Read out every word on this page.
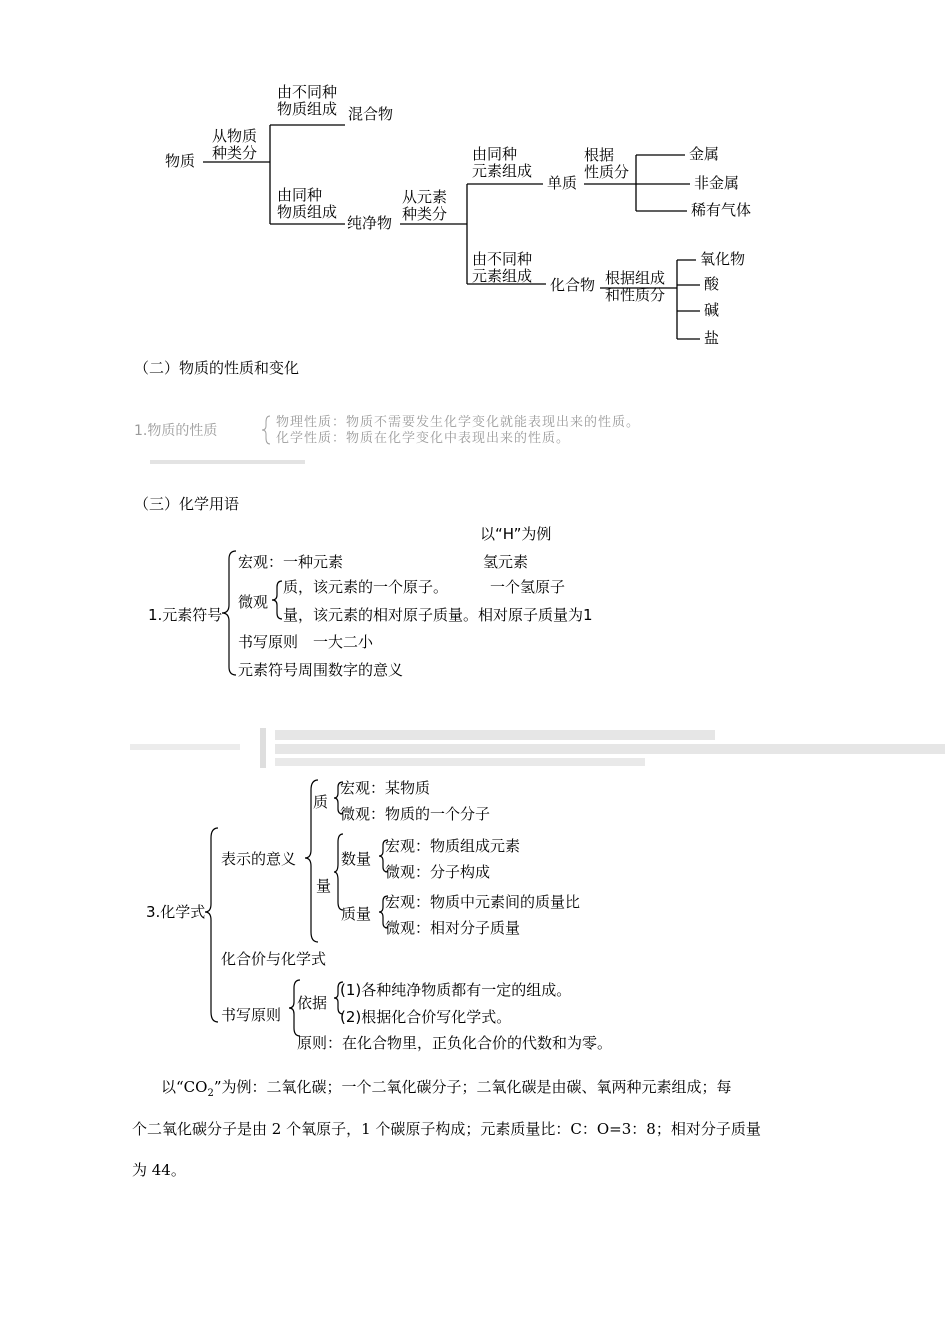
物质
从物质
种类分
由不同种
物质组成 混合物
由同种
物质组成
纯净物
从元素
种类分
由同种
元素组成
单质
根据
性质分
金属
非金属
稀有气体
由不同种
元素组成 化合物 根据组成
和性质分
氧化物
酸
碱
盐
（二）物质的性质和变化
1.物质的性质
物理性质：物质不需要发生化学变化就能表现出来的性质。
化学性质：物质在化学变化中表现出来的性质。
（三）化学用语
以“H”为例
1.元素符号
宏观：一种元素	氢元素
微观
质，该元素的一个原子。	一个氢原子
量，该元素的相对原子质量。相对原子质量为1
书写原则　一大二小
元素符号周围数字的意义
3.化学式
表示的意义
质
宏观：某物质
微观：物质的一个分子
量
数量
宏观：物质组成元素
微观：分子构成
质量
宏观：物质中元素间的质量比
微观：相对分子质量
化合价与化学式
书写原则
依据
(1)各种纯净物质都有一定的组成。
(2)根据化合价写化学式。
原则：在化合物里，正负化合价的代数和为零。
以“$CO_2$”为例：二氧化碳；一个二氧化碳分子；二氧化碳是由碳、氧两种元素组成；每
个二氧化碳分子是由 2 个氧原子，1 个碳原子构成；元素质量比：C：O=3：8；相对分子质量
为 44。
